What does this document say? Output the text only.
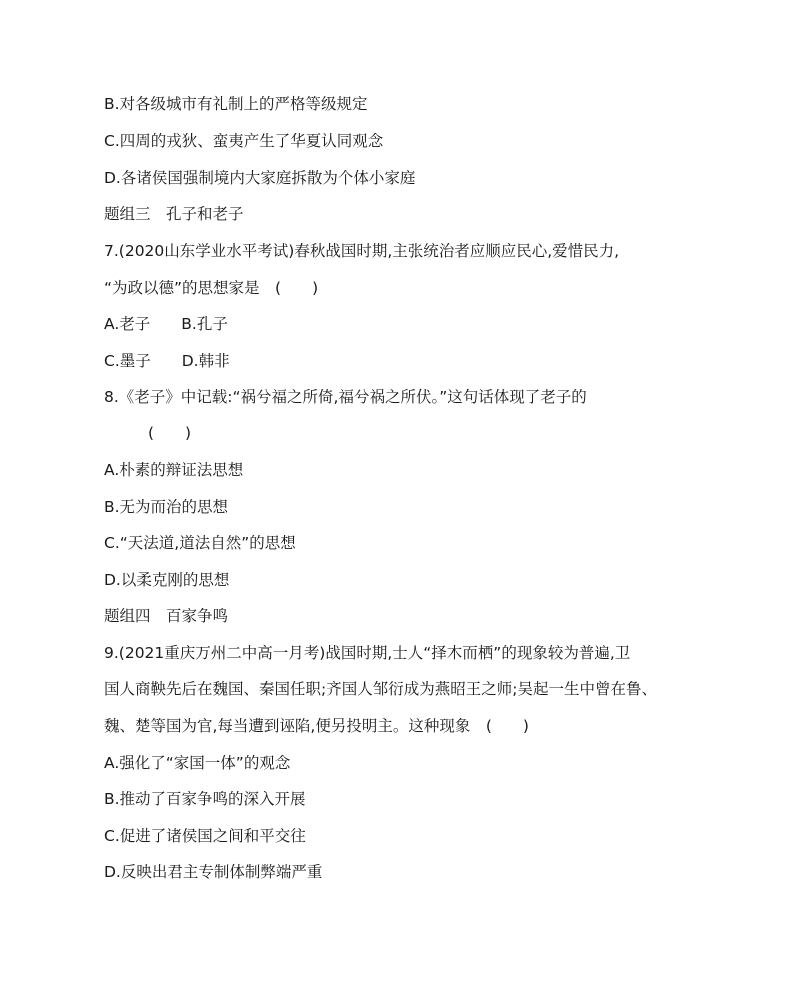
B.对各级城市有礼制上的严格等级规定
C.四周的戎狄、蛮夷产生了华夏认同观念
D.各诸侯国强制境内大家庭拆散为个体小家庭
题组三　孔子和老子
7.(2020山东学业水平考试)春秋战国时期,主张统治者应顺应民心,爱惜民力,
“为政以德”的思想家是　(　　)
A.老子　　B.孔子
C.墨子　　D.韩非
8.《老子》中记载:“祸兮福之所倚,福兮祸之所伏。”这句话体现了老子的
(　　)
A.朴素的辩证法思想
B.无为而治的思想
C.“天法道,道法自然”的思想
D.以柔克刚的思想
题组四　百家争鸣
9.(2021重庆万州二中高一月考)战国时期,士人“择木而栖”的现象较为普遍,卫
国人商鞅先后在魏国、秦国任职;齐国人邹衍成为燕昭王之师;吴起一生中曾在鲁、
魏、楚等国为官,每当遭到诬陷,便另投明主。这种现象　(　　)
A.强化了“家国一体”的观念
B.推动了百家争鸣的深入开展
C.促进了诸侯国之间和平交往
D.反映出君主专制体制弊端严重
